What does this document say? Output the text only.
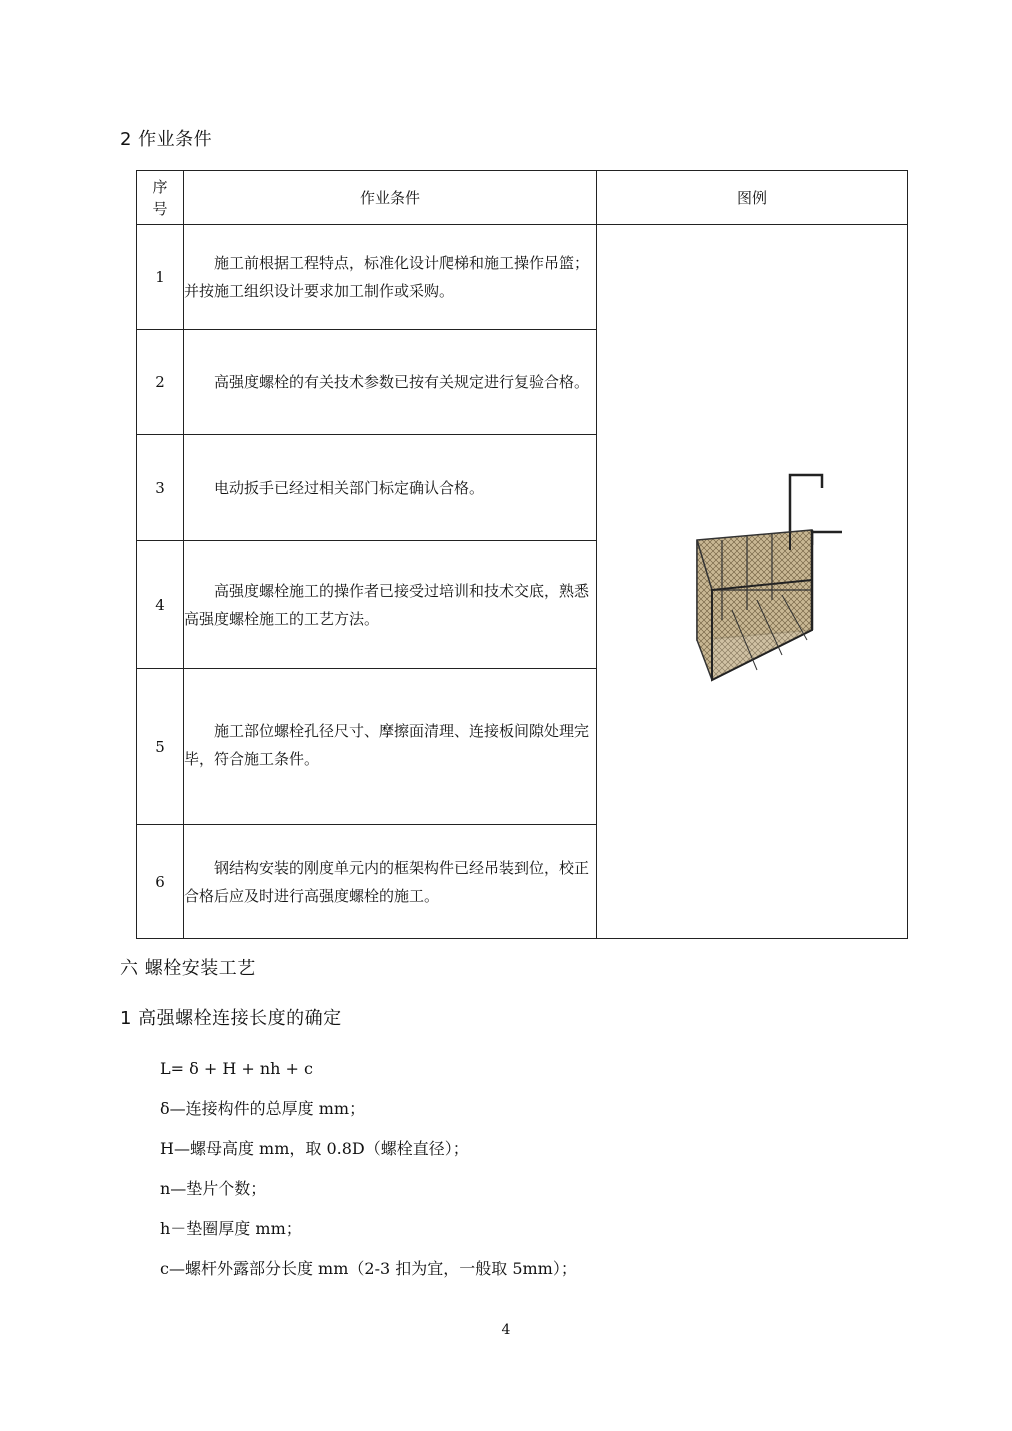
2 作业条件
序号	作业条件	图例
1	施工前根据工程特点，标准化设计爬梯和施工操作吊篮；并按施工组织设计要求加工制作或采购。	
2	高强度螺栓的有关技术参数已按有关规定进行复验合格。	
3	电动扳手已经过相关部门标定确认合格。	
4	高强度螺栓施工的操作者已接受过培训和技术交底，熟悉高强度螺栓施工的工艺方法。	
5	施工部位螺栓孔径尺寸、摩擦面清理、连接板间隙处理完毕，符合施工条件。	
6	钢结构安装的刚度单元内的框架构件已经吊装到位，校正合格后应及时进行高强度螺栓的施工。	
六 螺栓安装工艺
1 高强螺栓连接长度的确定
L= δ + H + nh + c
δ—连接构件的总厚度 mm；
H—螺母高度 mm，取 0.8D（螺栓直径）；
n—垫片个数；
h－垫圈厚度 mm；
c—螺杆外露部分长度 mm（2-3 扣为宜，一般取 5mm）；
4
